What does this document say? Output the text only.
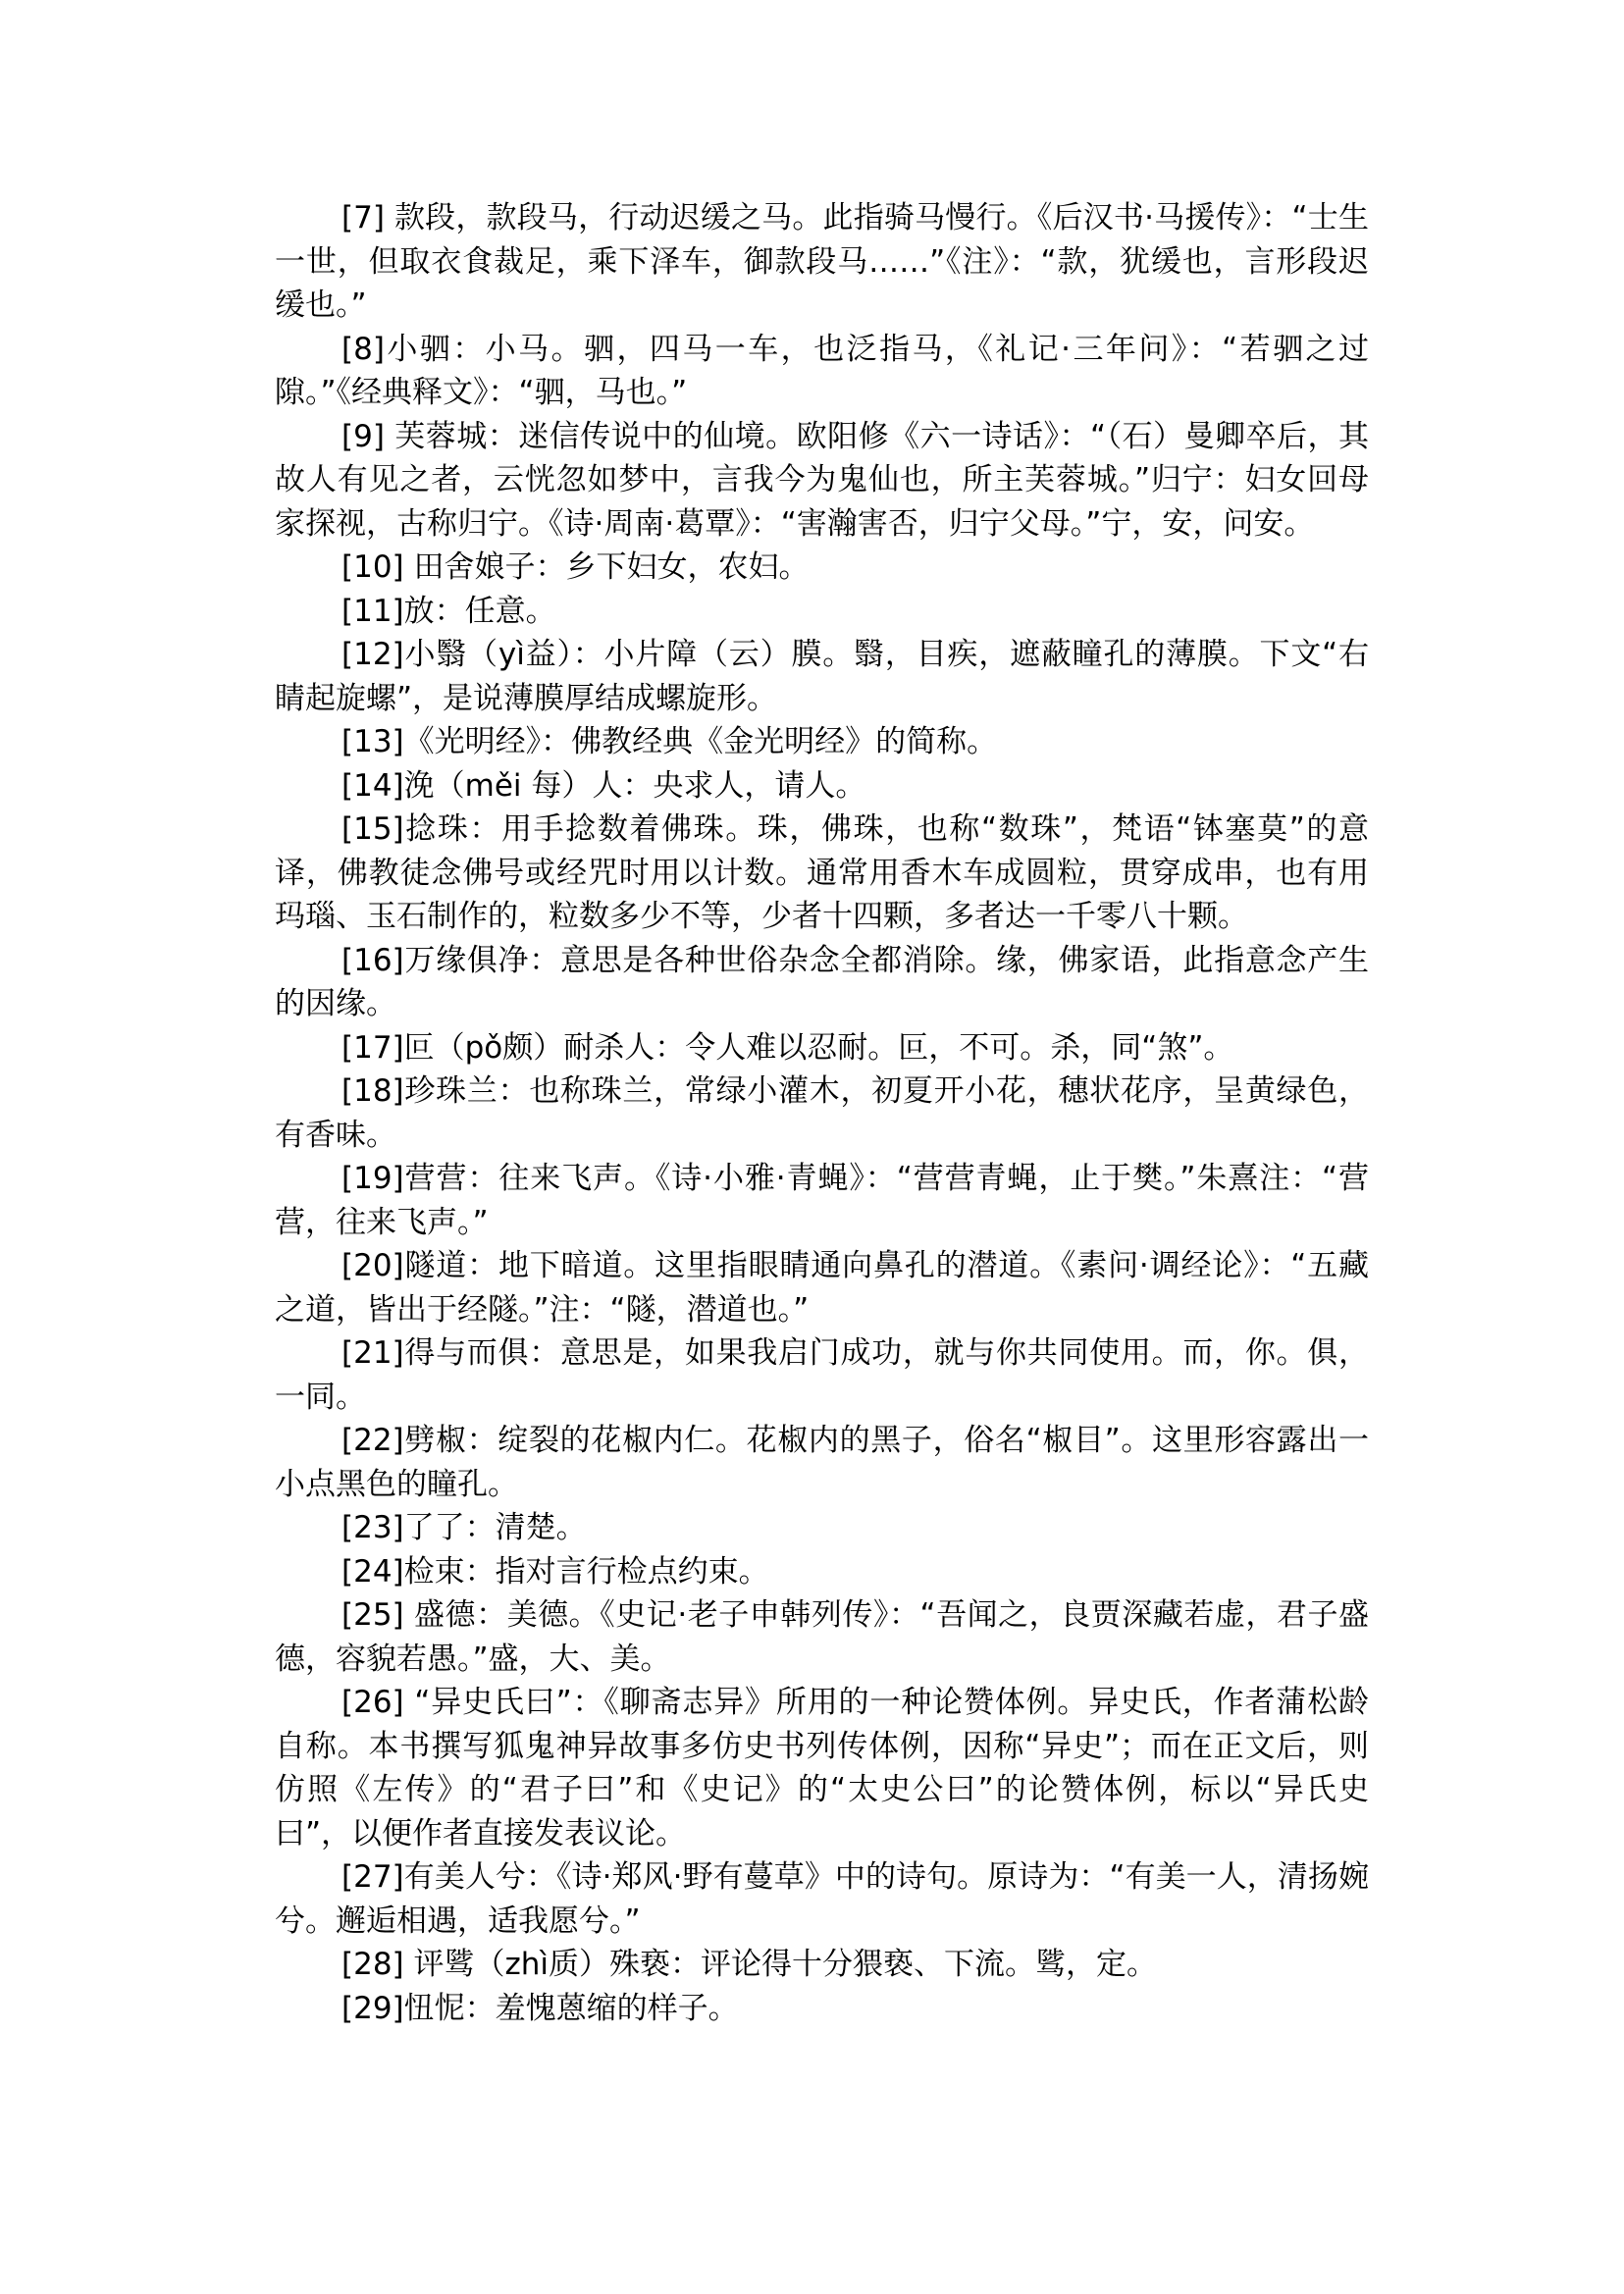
[7] 款段，款段马，行动迟缓之马。此指骑马慢行。《后汉书·马援传》：“士生一世，但取衣食裁足，乘下泽车，御款段马……”《注》：“款，犹缓也，言形段迟缓也。”

[8]小驷：小马。驷，四马一车，也泛指马，《礼记·三年问》：“若驷之过隙。”《经典释文》：“驷，马也。”

[9] 芙蓉城：迷信传说中的仙境。欧阳修《六一诗话》：“（石）曼卿卒后，其故人有见之者，云恍忽如梦中，言我今为鬼仙也，所主芙蓉城。”归宁：妇女回母家探视，古称归宁。《诗·周南·葛覃》：“害瀚害否，归宁父母。”宁，安，问安。

[10] 田舍娘子：乡下妇女，农妇。

[11]放：任意。

[12]小翳（yì益）：小片障（云）膜。翳，目疾，遮蔽瞳孔的薄膜。下文“右睛起旋螺”，是说薄膜厚结成螺旋形。

[13]《光明经》：佛教经典《金光明经》的简称。

[14]浼（měi 每）人：央求人，请人。

[15]捻珠：用手捻数着佛珠。珠，佛珠，也称“数珠”，梵语“钵塞莫”的意译，佛教徒念佛号或经咒时用以计数。通常用香木车成圆粒，贯穿成串，也有用玛瑙、玉石制作的，粒数多少不等，少者十四颗，多者达一千零八十颗。

[16]万缘俱净：意思是各种世俗杂念全都消除。缘，佛家语，此指意念产生的因缘。

[17]叵（pǒ颇）耐杀人：令人难以忍耐。叵，不可。杀，同“煞”。

[18]珍珠兰：也称珠兰，常绿小灌木，初夏开小花，穗状花序，呈黄绿色，有香味。

[19]营营：往来飞声。《诗·小雅·青蝇》：“营营青蝇，止于樊。”朱熹注：“营营，往来飞声。”

[20]隧道：地下暗道。这里指眼睛通向鼻孔的潜道。《素问·调经论》：“五藏之道，皆出于经隧。”注：“隧，潜道也。”

[21]得与而俱：意思是，如果我启门成功，就与你共同使用。而，你。俱，一同。

[22]劈椒：绽裂的花椒内仁。花椒内的黑子，俗名“椒目”。这里形容露出一小点黑色的瞳孔。

[23]了了：清楚。

[24]检束：指对言行检点约束。

[25] 盛德：美德。《史记·老子申韩列传》：“吾闻之，良贾深藏若虚，君子盛德，容貌若愚。”盛，大、美。

[26] “异史氏曰”：《聊斋志异》所用的一种论赞体例。异史氏，作者蒲松龄自称。本书撰写狐鬼神异故事多仿史书列传体例，因称“异史”；而在正文后，则仿照《左传》的“君子曰”和《史记》的“太史公曰”的论赞体例，标以“异氏史曰”，以便作者直接发表议论。

[27]有美人兮：《诗·郑风·野有蔓草》中的诗句。原诗为：“有美一人，清扬婉兮。邂逅相遇，适我愿兮。”

[28] 评骘（zhì质）殊亵：评论得十分猥亵、下流。骘，定。

[29]忸怩：羞愧蒽缩的样子。
